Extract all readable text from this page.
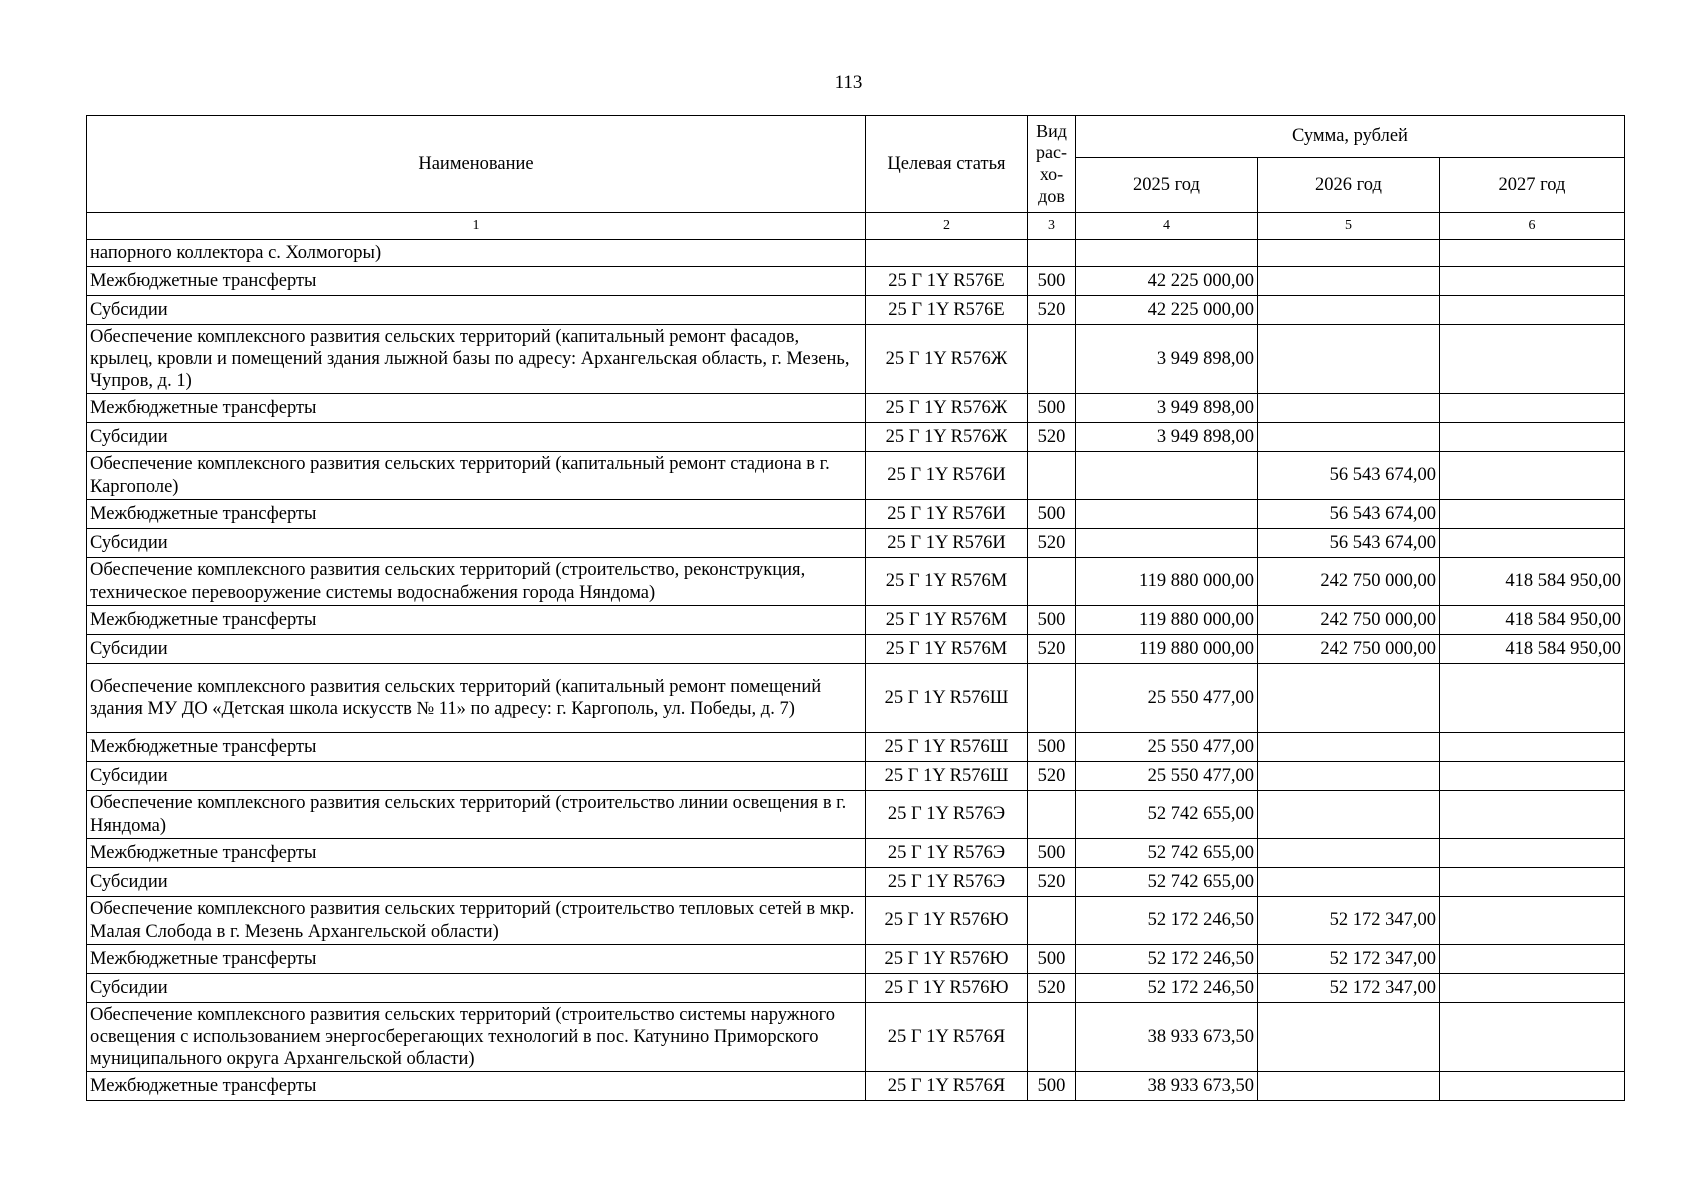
113
Наименование	Целевая статья	Вид рас-хо-дов	Сумма, рублей		
			2025 год	2026 год	2027 год
1	2	3	4	5	6
напорного коллектора с. Холмогоры)					
Межбюджетные трансферты	25 Г 1Y R576Е	500	42 225 000,00		
Субсидии	25 Г 1Y R576Е	520	42 225 000,00		
Обеспечение комплексного развития сельских территорий (капитальный ремонт фасадов, крылец, кровли и помещений здания лыжной базы по адресу: Архангельская область, г. Мезень, Чупров, д. 1)	25 Г 1Y R576Ж		3 949 898,00		
Межбюджетные трансферты	25 Г 1Y R576Ж	500	3 949 898,00		
Субсидии	25 Г 1Y R576Ж	520	3 949 898,00		
Обеспечение комплексного развития сельских территорий (капитальный ремонт стадиона в г. Каргополе)	25 Г 1Y R576И			56 543 674,00	
Межбюджетные трансферты	25 Г 1Y R576И	500		56 543 674,00	
Субсидии	25 Г 1Y R576И	520		56 543 674,00	
Обеспечение комплексного развития сельских территорий (строительство, реконструкция, техническое перевооружение системы водоснабжения города Няндома)	25 Г 1Y R576М		119 880 000,00	242 750 000,00	418 584 950,00
Межбюджетные трансферты	25 Г 1Y R576М	500	119 880 000,00	242 750 000,00	418 584 950,00
Субсидии	25 Г 1Y R576М	520	119 880 000,00	242 750 000,00	418 584 950,00
Обеспечение комплексного развития сельских территорий (капитальный ремонт помещений здания МУ ДО «Детская школа искусств № 11» по адресу: г. Каргополь, ул. Победы, д. 7)	25 Г 1Y R576Ш		25 550 477,00		
Межбюджетные трансферты	25 Г 1Y R576Ш	500	25 550 477,00		
Субсидии	25 Г 1Y R576Ш	520	25 550 477,00		
Обеспечение комплексного развития сельских территорий (строительство линии освещения в г. Няндома)	25 Г 1Y R576Э		52 742 655,00		
Межбюджетные трансферты	25 Г 1Y R576Э	500	52 742 655,00		
Субсидии	25 Г 1Y R576Э	520	52 742 655,00		
Обеспечение комплексного развития сельских территорий (строительство тепловых сетей в мкр. Малая Слобода в г. Мезень Архангельской области)	25 Г 1Y R576Ю		52 172 246,50	52 172 347,00	
Межбюджетные трансферты	25 Г 1Y R576Ю	500	52 172 246,50	52 172 347,00	
Субсидии	25 Г 1Y R576Ю	520	52 172 246,50	52 172 347,00	
Обеспечение комплексного развития сельских территорий (строительство системы наружного освещения с использованием энергосберегающих технологий в пос. Катунино Приморского муниципального округа Архангельской области)	25 Г 1Y R576Я		38 933 673,50		
Межбюджетные трансферты	25 Г 1Y R576Я	500	38 933 673,50		
